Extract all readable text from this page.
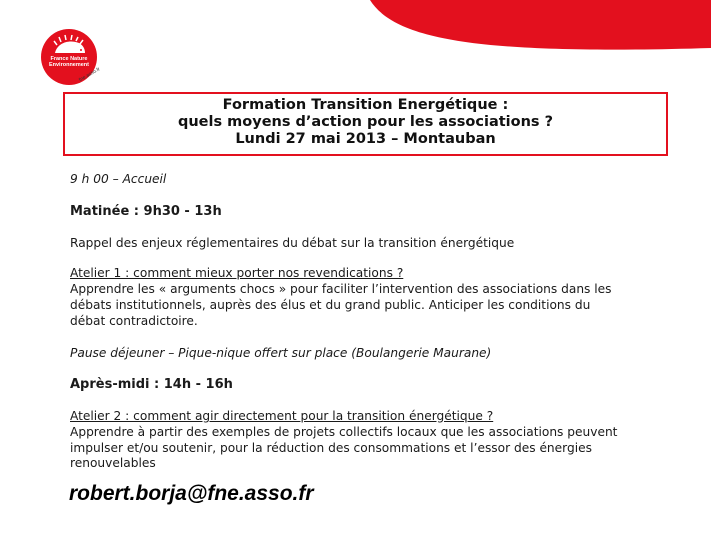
France Nature
Environnement
fne.asso.fr
Formation Transition Energétique :
quels moyens d’action pour les associations ?
Lundi 27 mai 2013 – Montauban
9 h 00 – Accueil
Matinée : 9h30 - 13h
Rappel des enjeux réglementaires du débat sur la transition énergétique
Atelier 1 : comment mieux porter nos revendications ?
Apprendre les « arguments chocs » pour faciliter l’intervention des associations dans les
débats institutionnels, auprès des élus et du grand public. Anticiper les conditions du
débat contradictoire.
Pause déjeuner – Pique-nique offert sur place (Boulangerie Maurane)
Après-midi : 14h - 16h
Atelier 2 : comment agir directement pour la transition énergétique ?
Apprendre à partir des exemples de projets collectifs locaux que les associations peuvent
impulser et/ou soutenir, pour la réduction des consommations et l’essor des énergies
renouvelables
robert.borja@fne.asso.fr
